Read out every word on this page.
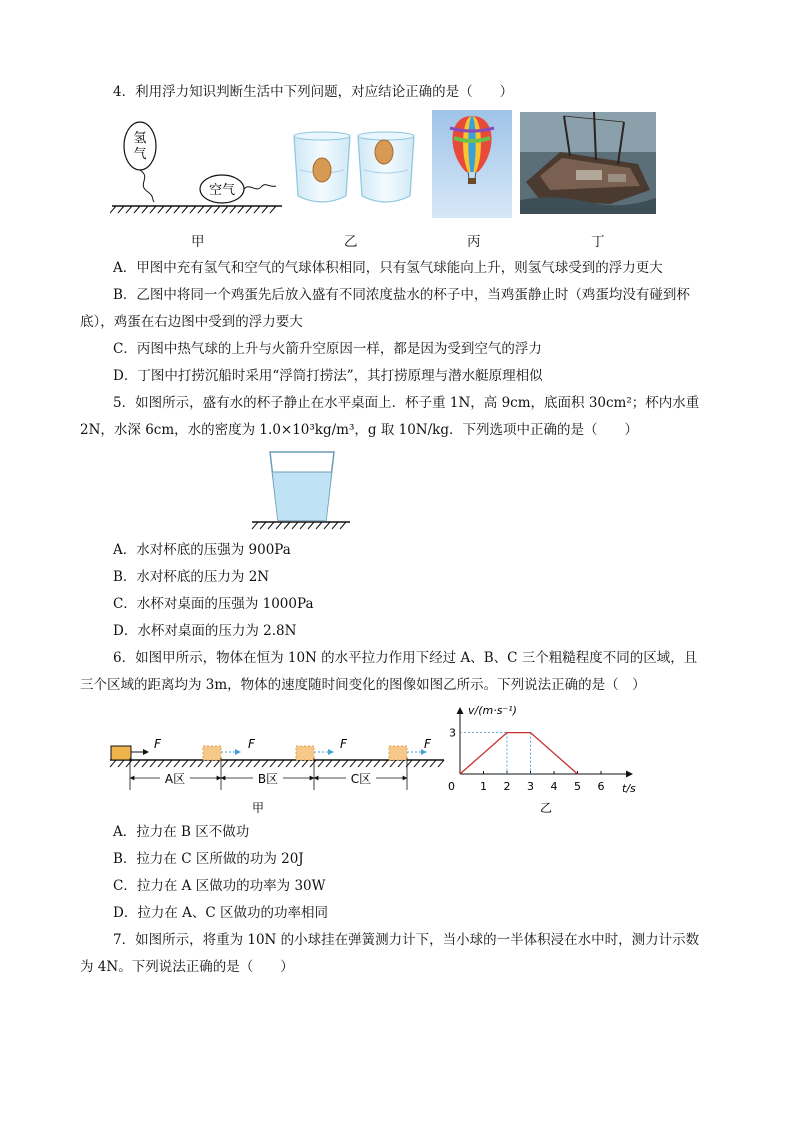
4．利用浮力知识判断生活中下列问题，对应结论正确的是（　　）
氢
气
空气
甲	乙	丙	丁
A．甲图中充有氢气和空气的气球体积相同，只有氢气球能向上升，则氢气球受到的浮力更大
B．乙图中将同一个鸡蛋先后放入盛有不同浓度盐水的杯子中，当鸡蛋静止时（鸡蛋均没有碰到杯
底），鸡蛋在右边图中受到的浮力要大
C．丙图中热气球的上升与火箭升空原因一样，都是因为受到空气的浮力
D．丁图中打捞沉船时采用“浮筒打捞法”，其打捞原理与潜水艇原理相似
5．如图所示，盛有水的杯子静止在水平桌面上．杯子重 1N，高 9cm，底面积 30cm²；杯内水重
2N，水深 6cm，水的密度为 1.0×10³kg/m³，g 取 10N/kg．下列选项中正确的是（　　）
A．水对杯底的压强为 900Pa
B．水对杯底的压力为 2N
C．水杯对桌面的压强为 1000Pa
D．水杯对桌面的压力为 2.8N
6．如图甲所示，物体在恒为 10N 的水平拉力作用下经过 A、B、C 三个粗糙程度不同的区域，且
三个区域的距离均为 3m，物体的速度随时间变化的图像如图乙所示。下列说法正确的是（　）
F	F	F	F
A区	B区	C区
甲
v/(m·s⁻¹)
t/s
0
3
1 2 3 4 5 6
乙
A．拉力在 B 区不做功
B．拉力在 C 区所做的功为 20J
C．拉力在 A 区做功的功率为 30W
D．拉力在 A、C 区做功的功率相同
7．如图所示，将重为 10N 的小球挂在弹簧测力计下，当小球的一半体积浸在水中时，测力计示数
为 4N。下列说法正确的是（　　）
